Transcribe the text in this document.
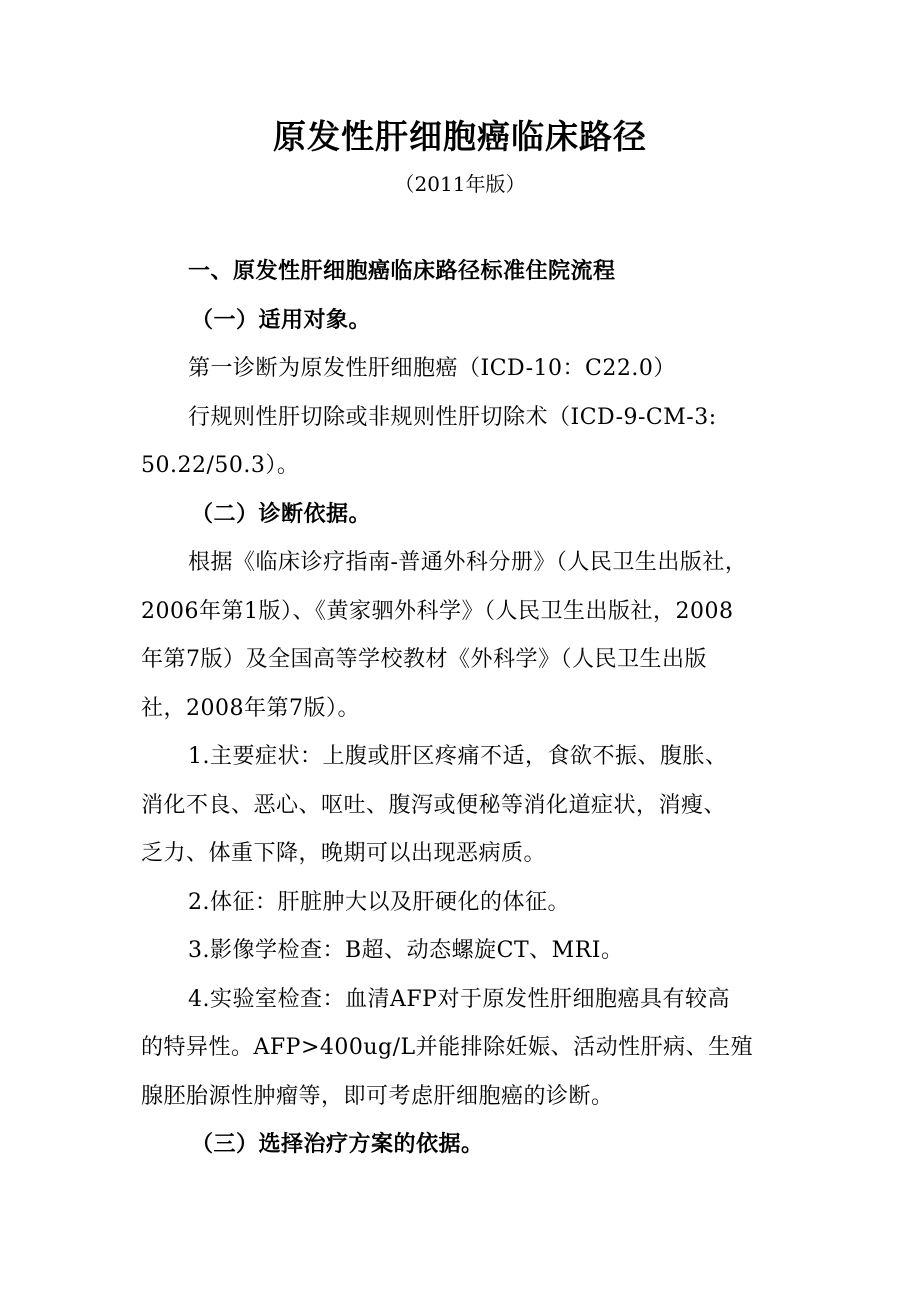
原发性肝细胞癌临床路径
（2011年版）
一、原发性肝细胞癌临床路径标准住院流程
（一）适用对象。
第一诊断为原发性肝细胞癌（ICD-10：C22.0）
行规则性肝切除或非规则性肝切除术（ICD-9-CM-3:
50.22/50.3）。
（二）诊断依据。
根据《临床诊疗指南-普通外科分册》（人民卫生出版社，
2006年第1版）、《黄家驷外科学》（人民卫生出版社，2008
年第7版）及全国高等学校教材《外科学》（人民卫生出版
社，2008年第7版）。
1.主要症状：上腹或肝区疼痛不适，食欲不振、腹胀、
消化不良、恶心、呕吐、腹泻或便秘等消化道症状，消瘦、
乏力、体重下降，晚期可以出现恶病质。
2.体征：肝脏肿大以及肝硬化的体征。
3.影像学检查：B超、动态螺旋CT、MRI。
4.实验室检查：血清AFP对于原发性肝细胞癌具有较高
的特异性。AFP>400ug/L并能排除妊娠、活动性肝病、生殖
腺胚胎源性肿瘤等，即可考虑肝细胞癌的诊断。
（三）选择治疗方案的依据。
